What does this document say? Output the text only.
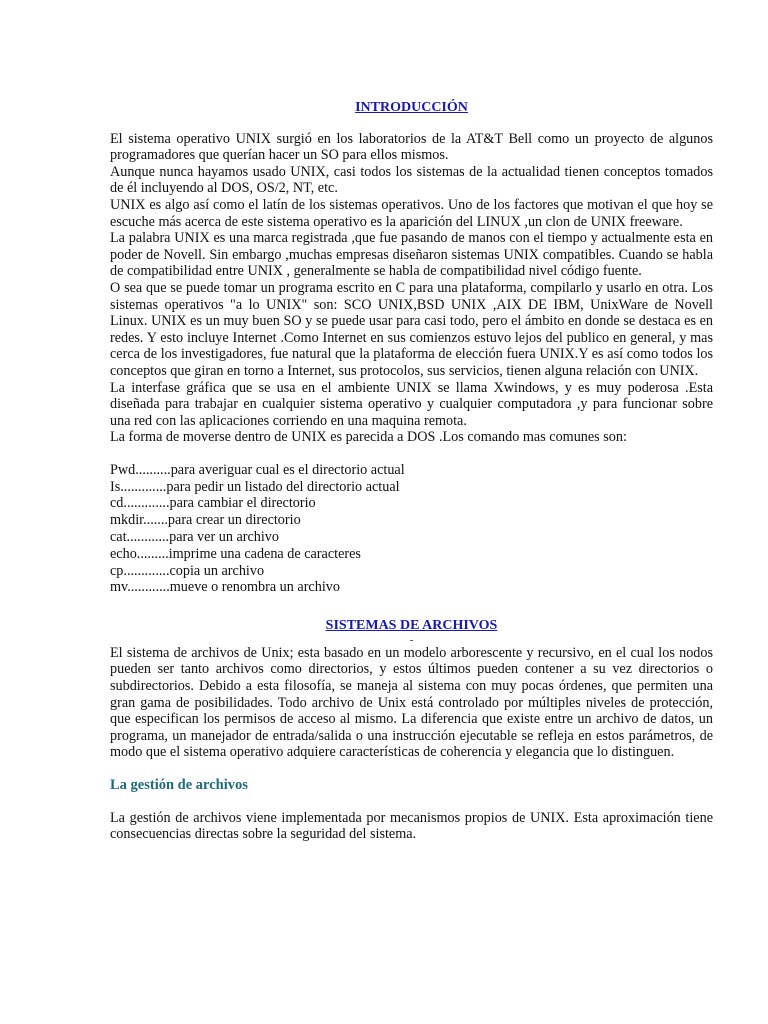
INTRODUCCIÓN

El sistema operativo UNIX surgió en los laboratorios de la AT&T Bell como un proyecto de algunos programadores que querían hacer un SO para ellos mismos.

Aunque nunca hayamos usado UNIX, casi todos los sistemas de la actualidad tienen conceptos tomados de él incluyendo al DOS, OS/2, NT, etc.

UNIX es algo así como el latín de los sistemas operativos. Uno de los factores que motivan el que hoy se escuche más acerca de este sistema operativo es la aparición del LINUX ,un clon de UNIX freeware.

La palabra UNIX es una marca registrada ,que fue pasando de manos con el tiempo y actualmente esta en poder de Novell. Sin embargo ,muchas empresas diseñaron sistemas UNIX compatibles. Cuando se habla de compatibilidad entre UNIX , generalmente se habla de compatibilidad nivel código fuente.

O sea que se puede tomar un programa escrito en C para una plataforma, compilarlo y usarlo en otra. Los sistemas operativos "a lo UNIX" son: SCO UNIX,BSD UNIX ,AIX DE IBM, UnixWare de Novell Linux. UNIX es un muy buen SO y se puede usar para casi todo, pero el ámbito en donde se destaca es en redes. Y esto incluye Internet .Como Internet en sus comienzos estuvo lejos del publico en general, y mas cerca de los investigadores, fue natural que la plataforma de elección fuera UNIX.Y es así como todos los conceptos que giran en torno a Internet, sus protocolos, sus servicios, tienen alguna relación con UNIX.

La interfase gráfica que se usa en el ambiente UNIX se llama Xwindows, y es muy poderosa .Esta diseñada para trabajar en cualquier sistema operativo y cualquier computadora ,y para funcionar sobre una red con las aplicaciones corriendo en una maquina remota.

La forma de moverse dentro de UNIX es parecida a DOS .Los comando mas comunes son:

Pwd..........para averiguar cual es el directorio actual

Is.............para pedir un listado del directorio actual

cd.............para cambiar el directorio

mkdir.......para crear un directorio

cat............para ver un archivo

echo.........imprime una cadena de caracteres

cp.............copia un archivo

mv............mueve o renombra un archivo

SISTEMAS DE ARCHIVOS
-

El sistema de archivos de Unix; esta basado en un modelo arborescente y recursivo, en el cual los nodos pueden ser tanto archivos como directorios, y estos últimos pueden contener a su vez directorios o subdirectorios. Debido a esta filosofía, se maneja al sistema con muy pocas órdenes, que permiten una gran gama de posibilidades. Todo archivo de Unix está controlado por múltiples niveles de protección, que especifican los permisos de acceso al mismo. La diferencia que existe entre un archivo de datos, un programa, un manejador de entrada/salida o una instrucción ejecutable se refleja en estos parámetros, de modo que el sistema operativo adquiere características de coherencia y elegancia que lo distinguen.

La gestión de archivos

La gestión de archivos viene implementada por mecanismos propios de UNIX. Esta aproximación tiene consecuencias directas sobre la seguridad del sistema.
